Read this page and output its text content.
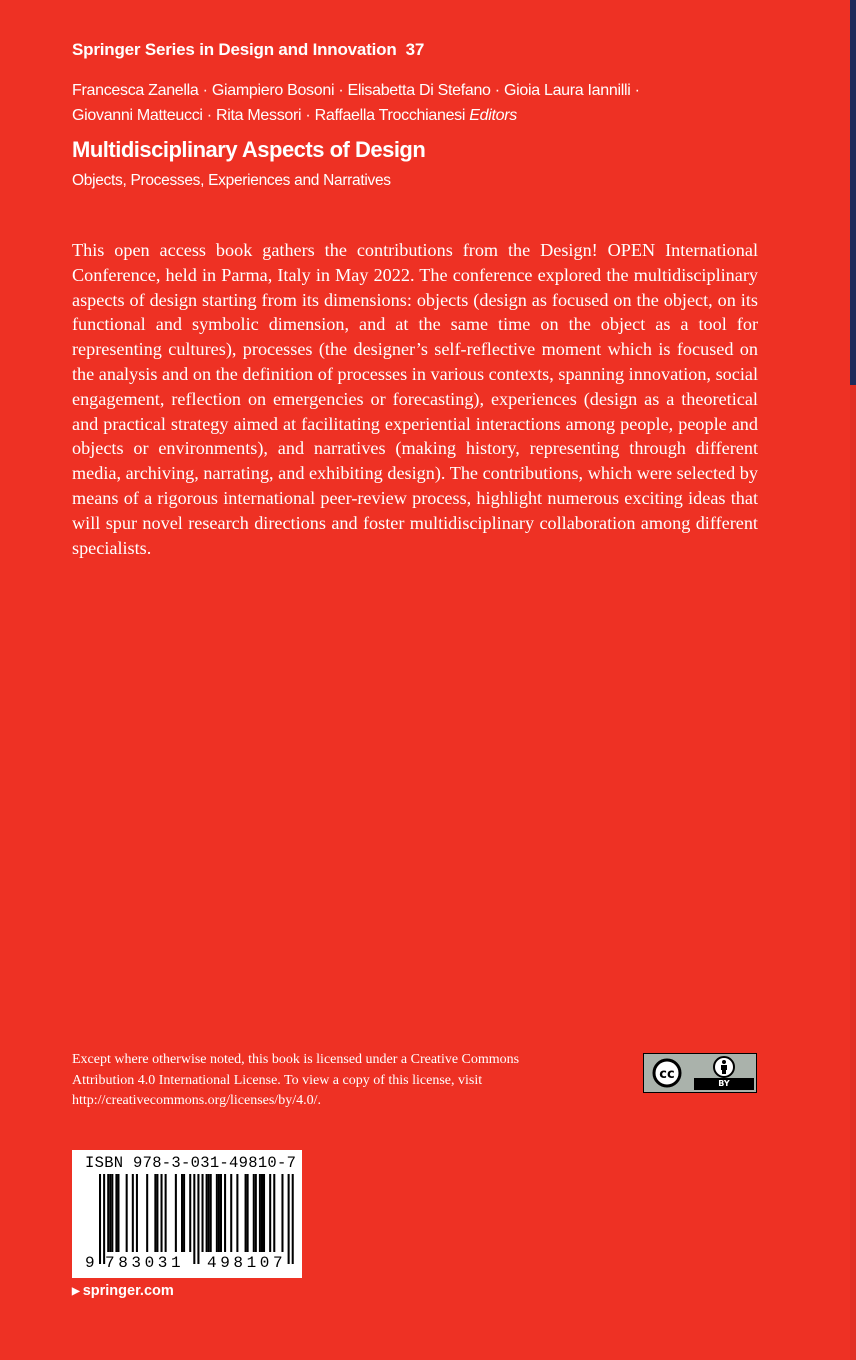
Springer Series in Design and Innovation 37
Francesca Zanella · Giampiero Bosoni · Elisabetta Di Stefano · Gioia Laura Iannilli ·
Giovanni Matteucci · Rita Messori · Raffaella Trocchianesi Editors
Multidisciplinary Aspects of Design
Objects, Processes, Experiences and Narratives

This open access book gathers the contributions from the Design! OPEN International Conference, held in Parma, Italy in May 2022. The conference explored the multidisciplinary aspects of design starting from its dimensions: objects (design as focused on the object, on its functional and symbolic dimension, and at the same time on the object as a tool for representing cultures), processes (the designer’s self-reflective moment which is focused on the analysis and on the definition of processes in various contexts, spanning innovation, social engagement, reflection on emergencies or forecasting), experiences (design as a theoretical and practical strategy aimed at facilitating experiential interactions among people, people and objects or environments), and narratives (making history, representing through different media, archiving, narrating, and exhibiting design). The contributions, which were selected by means of a rigorous international peer-review process, highlight numerous exciting ideas that will spur novel research directions and foster multidisciplinary collaboration among different specialists.

Except where otherwise noted, this book is licensed under a Creative Commons Attribution 4.0 International License. To view a copy of this license, visit http://creativecommons.org/licenses/by/4.0/.

cc
BY
ISBN 978-3-031-49810-7
9 783031 498107
▶ springer.com
